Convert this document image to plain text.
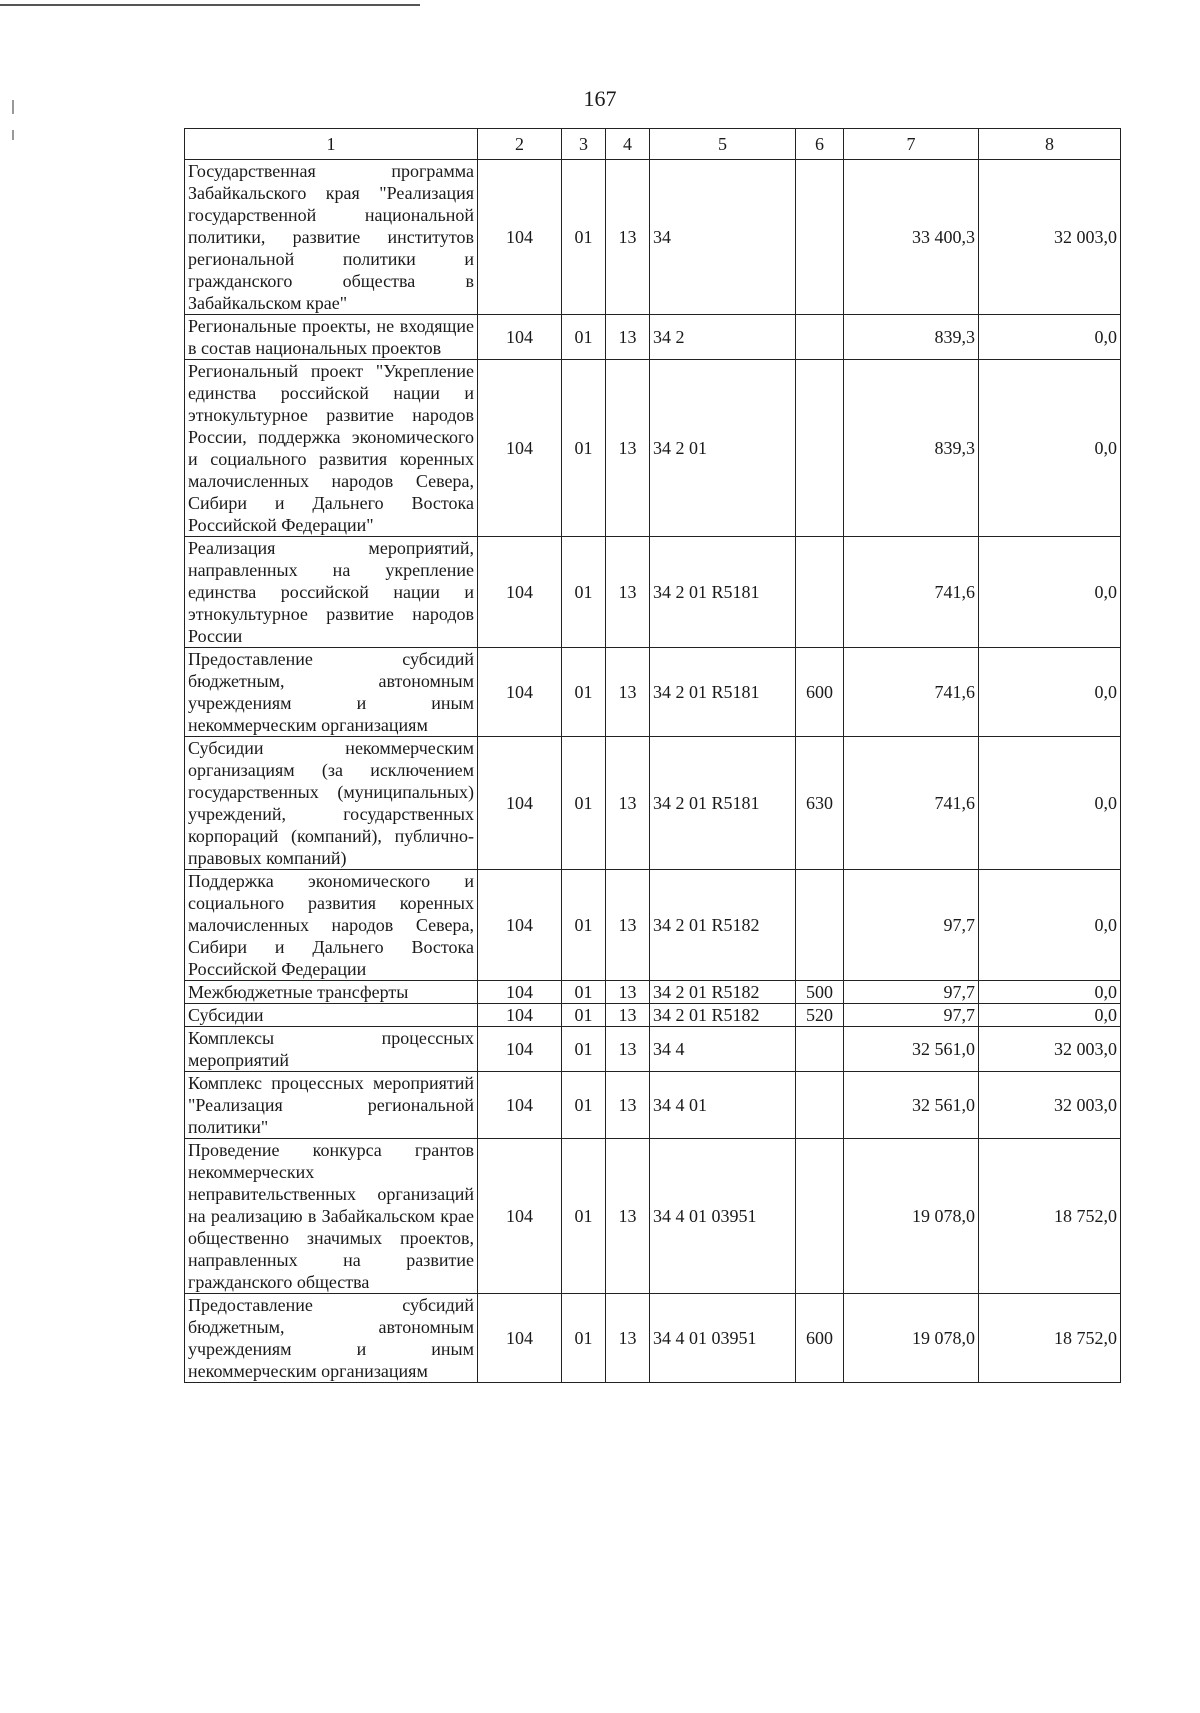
167
1	2	3	4	5	6	7	8
Государственная программа Забайкальского края "Реализация государственной национальной политики, развитие институтов региональной политики и гражданского общества в Забайкальском крае"	104	01	13	34		33 400,3	32 003,0
Региональные проекты, не входящие в состав национальных проектов	104	01	13	34 2		839,3	0,0
Региональный проект "Укрепление единства российской нации и этнокультурное развитие народов России, поддержка экономического и социального развития коренных малочисленных народов Севера, Сибири и Дальнего Востока Российской Федерации"	104	01	13	34 2 01		839,3	0,0
Реализация мероприятий, направленных на укрепление единства российской нации и этнокультурное развитие народов России	104	01	13	34 2 01 R5181		741,6	0,0
Предоставление субсидий бюджетным, автономным учреждениям и иным некоммерческим организациям	104	01	13	34 2 01 R5181	600	741,6	0,0
Субсидии некоммерческим организациям (за исключением государственных (муниципальных) учреждений, государственных корпораций (компаний), публично-правовых компаний)	104	01	13	34 2 01 R5181	630	741,6	0,0
Поддержка экономического и социального развития коренных малочисленных народов Севера, Сибири и Дальнего Востока Российской Федерации	104	01	13	34 2 01 R5182		97,7	0,0
Межбюджетные трансферты	104	01	13	34 2 01 R5182	500	97,7	0,0
Субсидии	104	01	13	34 2 01 R5182	520	97,7	0,0
Комплексы процессных мероприятий	104	01	13	34 4		32 561,0	32 003,0
Комплекс процессных мероприятий "Реализация региональной политики"	104	01	13	34 4 01		32 561,0	32 003,0
Проведение конкурса грантов некоммерческих неправительственных организаций на реализацию в Забайкальском крае общественно значимых проектов, направленных на развитие гражданского общества	104	01	13	34 4 01 03951		19 078,0	18 752,0
Предоставление субсидий бюджетным, автономным учреждениям и иным некоммерческим организациям	104	01	13	34 4 01 03951	600	19 078,0	18 752,0
